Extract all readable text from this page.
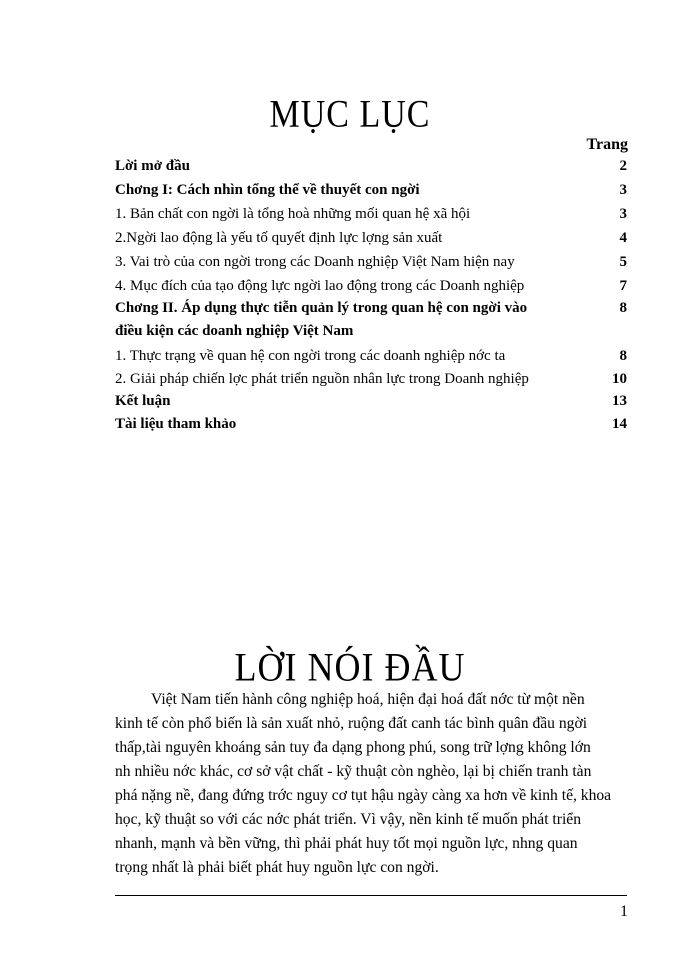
MỤC LỤC
Trang
Lời mở đầu	2
Chơng I: Cách nhìn tổng thể về thuyết con ngời	3
1. Bản chất con ngời là tổng hoà những mối quan hệ xã hội	3
2.Ngời lao động là yếu tố quyết định lực lợng sản xuất	4
3. Vai trò của con ngời trong các Doanh nghiệp Việt Nam hiện nay	5
4. Mục đích của tạo động lực ngời lao động trong các Doanh nghiệp	7
Chơng II. Áp dụng thực tiễn quản lý trong quan hệ con ngời vào	8
điều kiện các doanh nghiệp Việt Nam
1. Thực trạng về quan hệ con ngời trong các doanh nghiệp nớc ta	8
2. Giải pháp chiến lợc phát triển nguồn nhân lực trong Doanh nghiệp	10
Kết luận	13
Tài liệu tham khảo	14
LỜI NÓI ĐẦU
Việt Nam tiến hành công nghiệp hoá, hiện đại hoá đất nớc từ một nền
kinh tế còn phổ biến là sản xuất nhỏ, ruộng đất canh tác bình quân đầu ngời
thấp,tài nguyên khoáng sản tuy đa dạng phong phú, song trữ lợng không lớn
nh nhiều nớc khác, cơ sở vật chất - kỹ thuật còn nghèo, lại bị chiến tranh tàn
phá nặng nề, đang đứng trớc nguy cơ tụt hậu ngày càng xa hơn về kinh tế, khoa
học, kỹ thuật so với các nớc phát triển. Vì vậy, nền kinh tế muốn phát triển
nhanh, mạnh và bền vững, thì phải phát huy tốt mọi nguồn lực, nhng quan
trọng nhất là phải biết phát huy nguồn lực con ngời.
1
